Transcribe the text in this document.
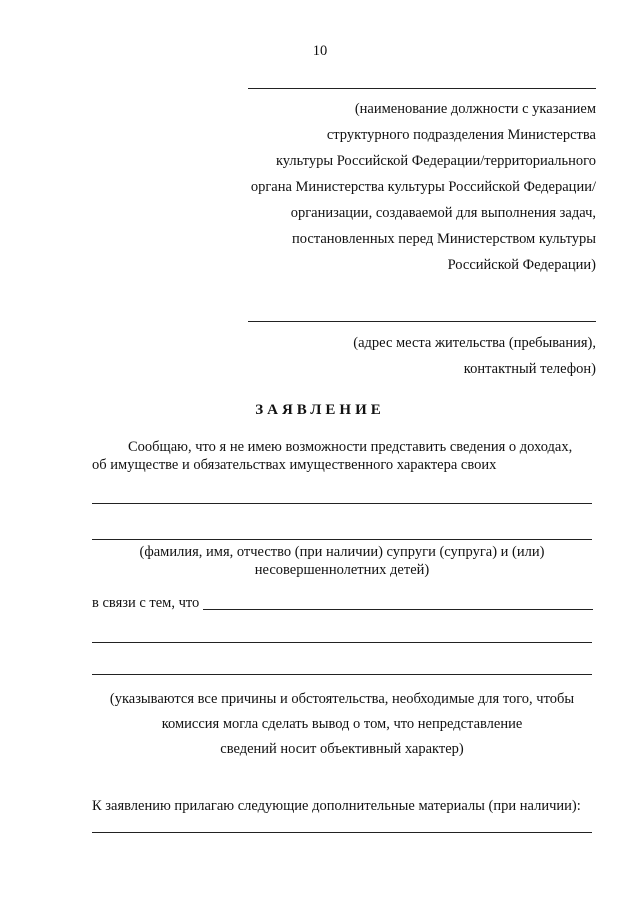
10
(наименование должности с указанием
структурного подразделения Министерства
культуры Российской Федерации/территориального
органа Министерства культуры Российской Федерации/
организации, создаваемой для выполнения задач,
постановленных перед Министерством культуры
Российской Федерации)
(адрес места жительства (пребывания),
контактный телефон)
ЗАЯВЛЕНИЕ
Сообщаю, что я не имею возможности представить сведения о доходах,
об имуществе и обязательствах имущественного характера своих
(фамилия, имя, отчество (при наличии) супруги (супруга) и (или)
несовершеннолетних детей)
в связи с тем, что
(указываются все причины и обстоятельства, необходимые для того, чтобы
комиссия могла сделать вывод о том, что непредставление
сведений носит объективный характер)
К заявлению прилагаю следующие дополнительные материалы (при наличии):
